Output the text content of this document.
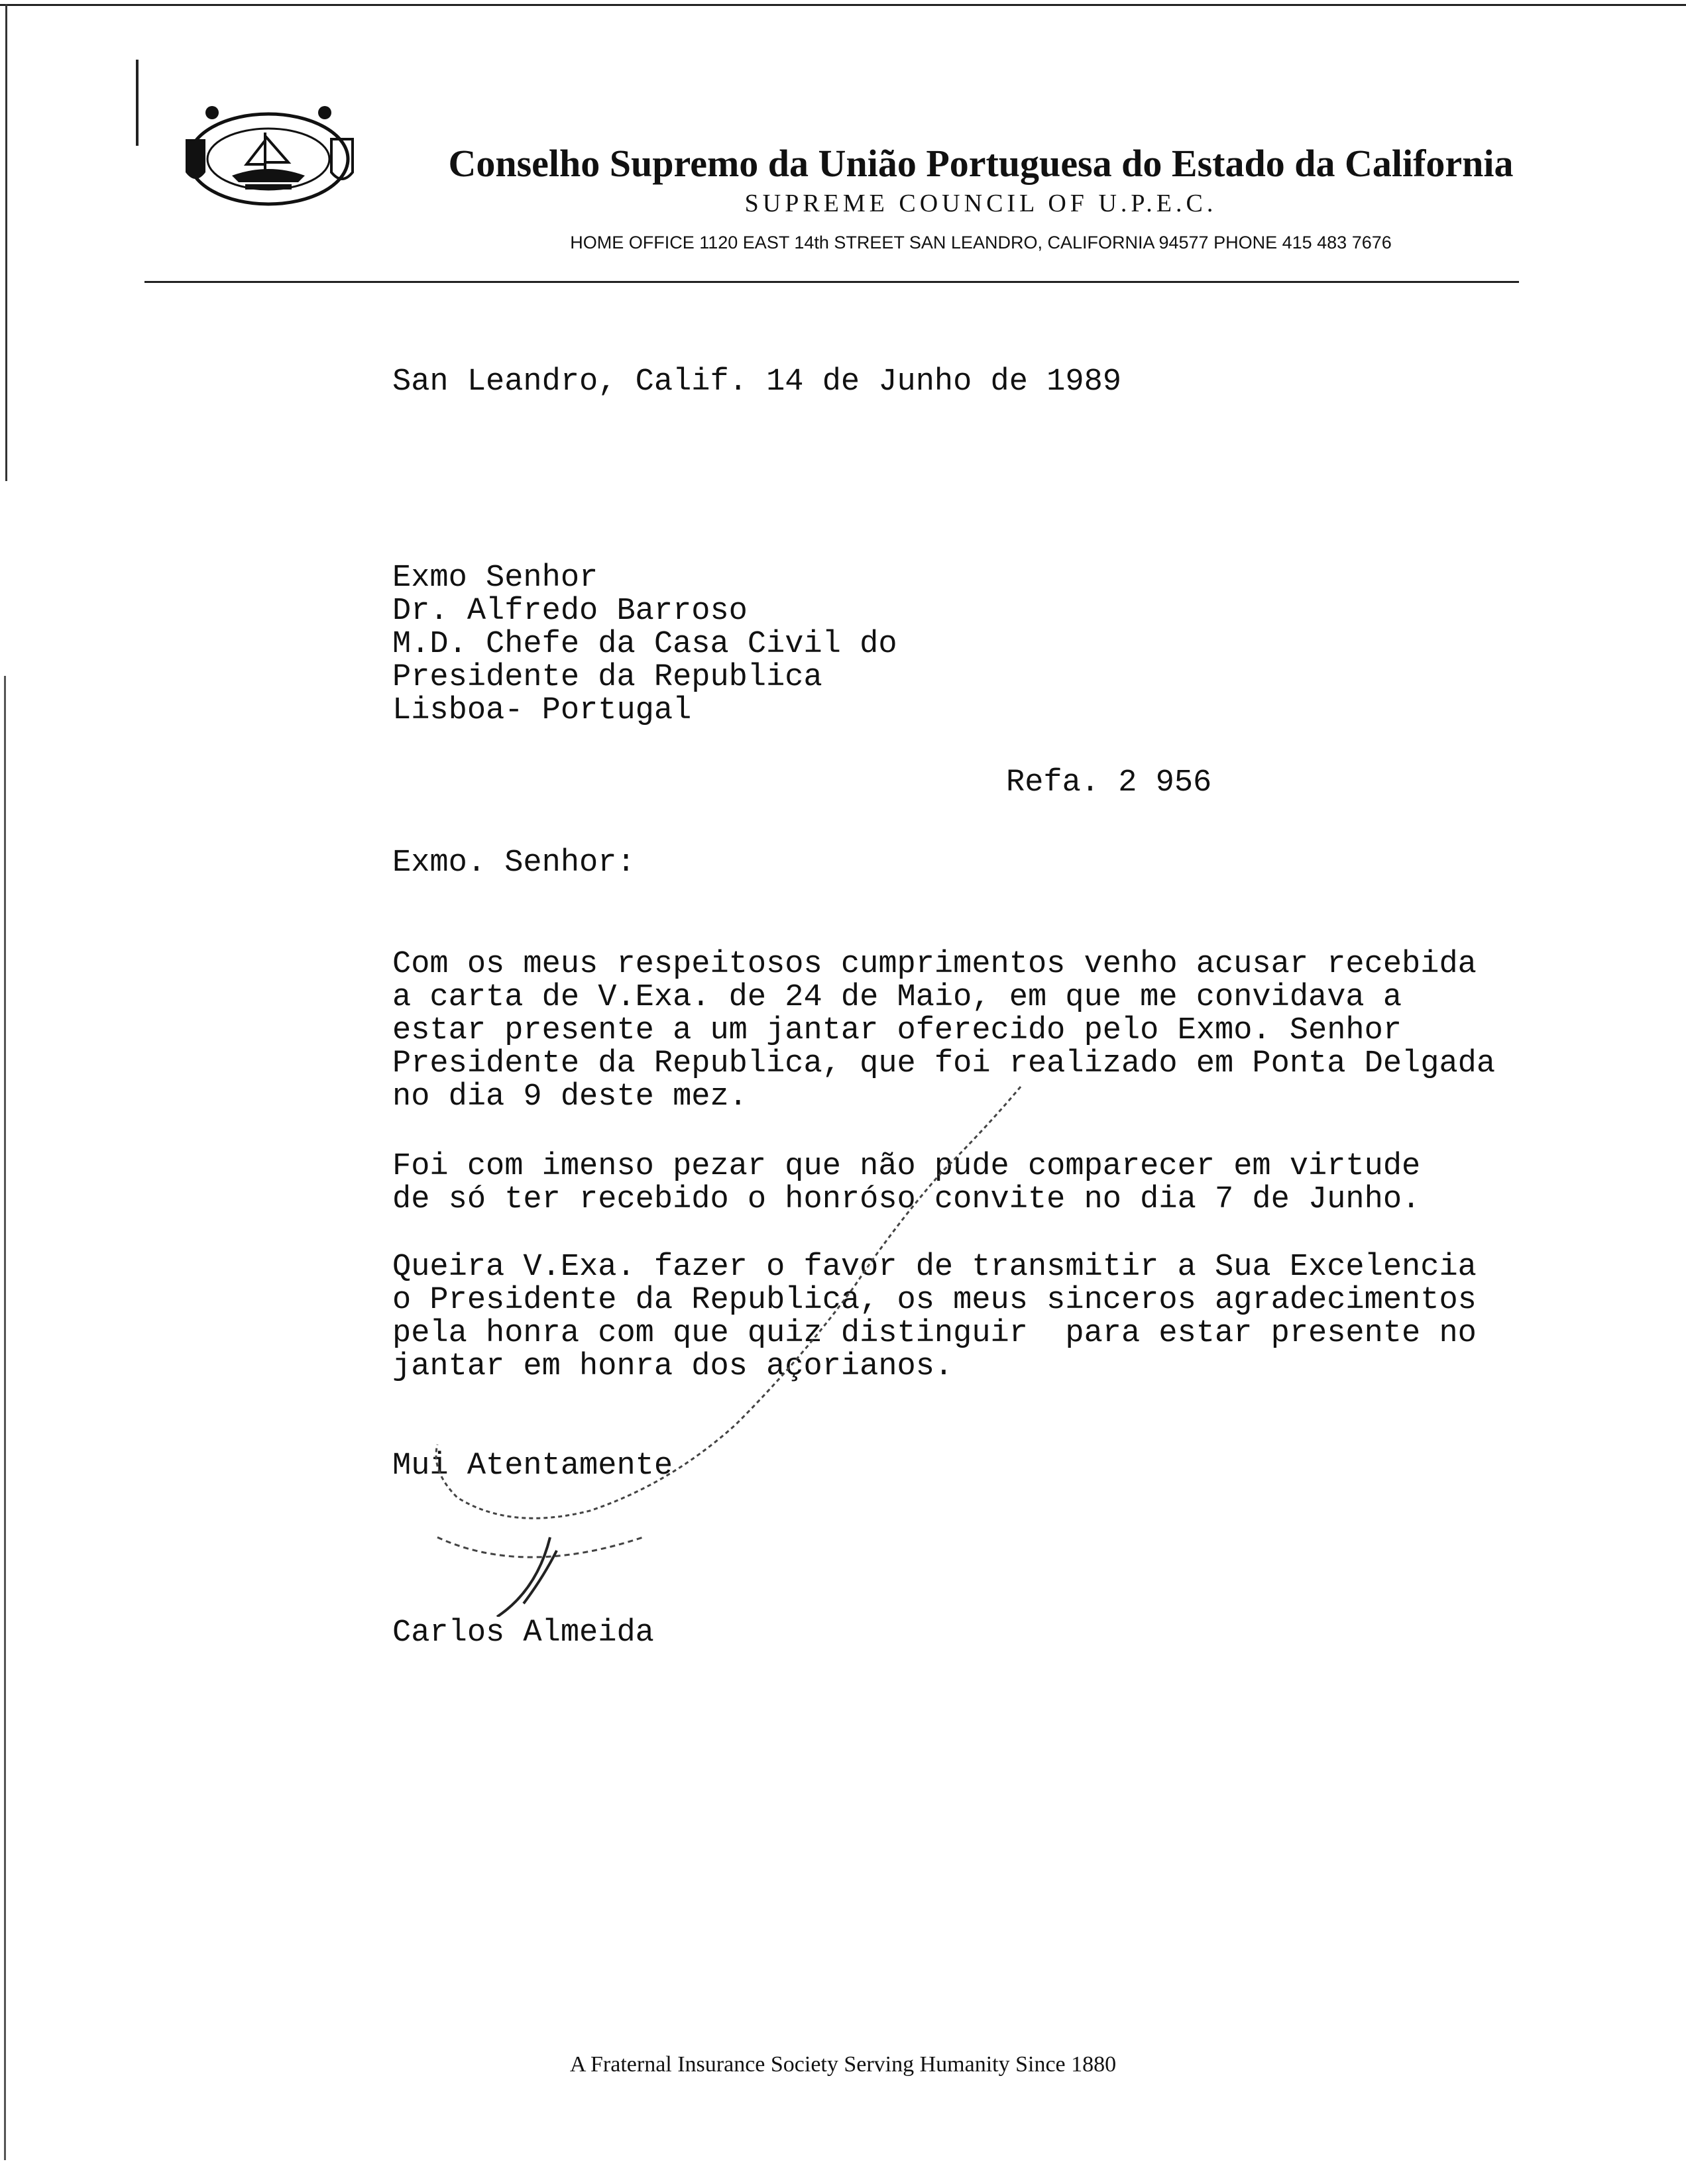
Conselho Supremo da União Portuguesa do Estado da California
SUPREME COUNCIL OF U.P.E.C.
HOME OFFICE 1120 EAST 14th STREET SAN LEANDRO, CALIFORNIA 94577 PHONE 415 483 7676
San Leandro, Calif. 14 de Junho de 1989
Exmo Senhor
Dr. Alfredo Barroso
M.D. Chefe da Casa Civil do
Presidente da Republica
Lisboa- Portugal
Refa. 2 956
Exmo. Senhor:
Com os meus respeitosos cumprimentos venho acusar recebida
a carta de V.Exa. de 24 de Maio, em que me convidava a
estar presente a um jantar oferecido pelo Exmo. Senhor
Presidente da Republica, que foi realizado em Ponta Delgada
no dia 9 deste mez.
Foi com imenso pezar que não pude comparecer em virtude
de só ter recebido o honróso convite no dia 7 de Junho.
Queira V.Exa. fazer o favor de transmitir a Sua Excelencia
o Presidente da Republica, os meus sinceros agradecimentos
pela honra com que quiz distinguir  para estar presente no
jantar em honra dos açorianos.
Mui Atentamente
Carlos Almeida
A Fraternal Insurance Society Serving Humanity Since 1880
